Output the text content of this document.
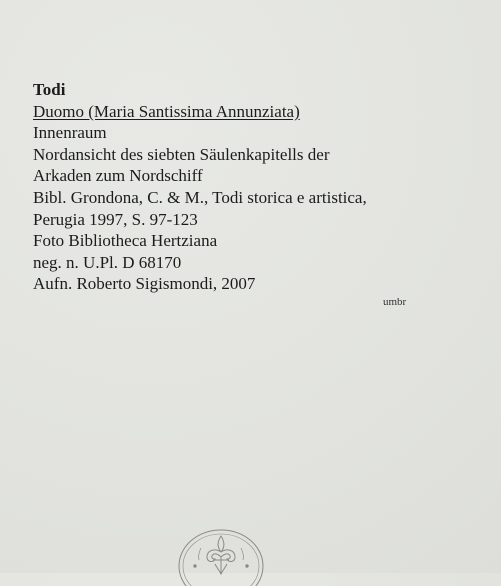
Todi
Duomo (Maria Santissima Annunziata)
Innenraum
Nordansicht des siebten Säulenkapitells der
Arkaden zum Nordschiff
Bibl. Grondona, C. & M., Todi storica e artistica,
Perugia 1997, S. 97-123
Foto Bibliotheca Hertziana
neg. n. U.Pl. D 68170
Aufn. Roberto Sigismondi, 2007
umbr
